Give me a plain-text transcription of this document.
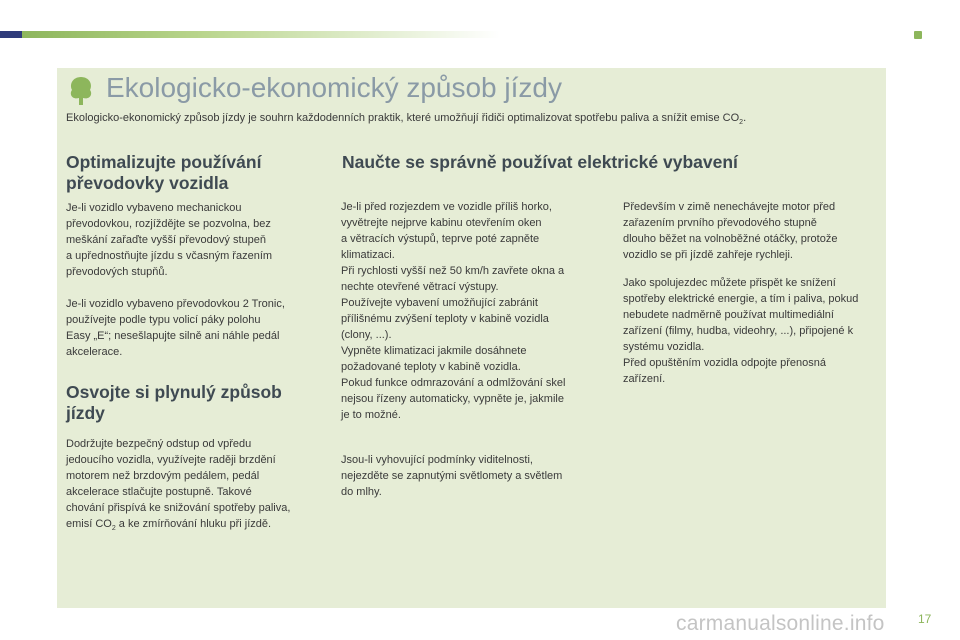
Ekologicko-ekonomický způsob jízdy

Ekologicko-ekonomický způsob jízdy je souhrn každodenních praktik, které umožňují řidiči optimalizovat spotřebu paliva a snížit emise $CO_2$.

Optimalizujte používání
převodovky vozidla

Je-li vozidlo vybaveno mechanickou
převodovkou, rozjíždějte se pozvolna, bez
meškání zařaďte vyšší převodový stupeň
a upřednostňujte jízdu s včasným řazením
převodových stupňů.

Je-li vozidlo vybaveno převodovkou 2 Tronic,
používejte podle typu volicí páky polohu
Easy „E“; nesešlapujte silně ani náhle pedál
akcelerace.

Osvojte si plynulý způsob
jízdy

Dodržujte bezpečný odstup od vpředu
jedoucího vozidla, využívejte raději brzdění
motorem než brzdovým pedálem, pedál
akcelerace stlačujte postupně. Takové
chování přispívá ke snižování spotřeby paliva,
emisí $CO_2$ a ke zmírňování hluku při jízdě.

Naučte se správně používat elektrické vybavení

Je-li před rozjezdem ve vozidle příliš horko,
vyvětrejte nejprve kabinu otevřením oken
a větracích výstupů, teprve poté zapněte
klimatizaci.
Při rychlosti vyšší než 50 km/h zavřete okna a
nechte otevřené větrací výstupy.
Používejte vybavení umožňující zabránit
přílišnému zvýšení teploty v kabině vozidla
(clony, ...).
Vypněte klimatizaci jakmile dosáhnete
požadované teploty v kabině vozidla.
Pokud funkce odmrazování a odmlžování skel
nejsou řízeny automaticky, vypněte je, jakmile
je to možné.

Jsou-li vyhovující podmínky viditelnosti,
nejezděte se zapnutými světlomety a světlem
do mlhy.

Především v zimě nenechávejte motor před
zařazením prvního převodového stupně
dlouho běžet na volnoběžné otáčky, protože
vozidlo se při jízdě zahřeje rychleji.

Jako spolujezdec můžete přispět ke snížení
spotřeby elektrické energie, a tím i paliva, pokud
nebudete nadměrně používat multimediální
zařízení (filmy, hudba, videohry, ...), připojené k
systému vozidla.
Před opuštěním vozidla odpojte přenosná
zařízení.

carmanualsonline.info	17
